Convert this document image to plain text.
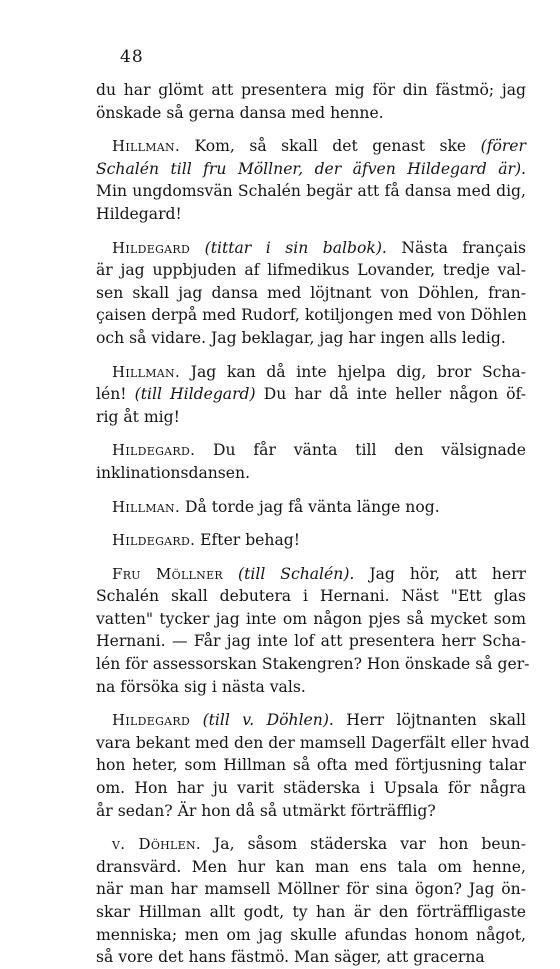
48
du har glömt att presentera mig för din fästmö; jag
önskade så gerna dansa med henne.
Hillman. Kom, så skall det genast ske (förer
Schalén till fru Möllner, der äfven Hildegard är).
Min ungdomsvän Schalén begär att få dansa med dig,
Hildegard!
Hildegard (tittar i sin balbok). Nästa français
är jag uppbjuden af lifmedikus Lovander, tredje val-
sen skall jag dansa med löjtnant von Döhlen, fran-
çaisen derpå med Rudorf, kotiljongen med von Döhlen
och så vidare. Jag beklagar, jag har ingen alls ledig.
Hillman. Jag kan då inte hjelpa dig, bror Scha-
lén! (till Hildegard) Du har då inte heller någon öf-
rig åt mig!
Hildegard. Du får vänta till den välsignade
inklinationsdansen.
Hillman. Då torde jag få vänta länge nog.
Hildegard. Efter behag!
Fru Möllner (till Schalén). Jag hör, att herr
Schalén skall debutera i Hernani. Näst "Ett glas
vatten" tycker jag inte om någon pjes så mycket som
Hernani. — Får jag inte lof att presentera herr Scha-
lén för assessorskan Stakengren? Hon önskade så ger-
na försöka sig i nästa vals.
Hildegard (till v. Döhlen). Herr löjtnanten skall
vara bekant med den der mamsell Dagerfält eller hvad
hon heter, som Hillman så ofta med förtjusning talar
om. Hon har ju varit städerska i Upsala för några
år sedan? Är hon då så utmärkt förträfflig?
v. Döhlen. Ja, såsom städerska var hon beun-
dransvärd. Men hur kan man ens tala om henne,
när man har mamsell Möllner för sina ögon? Jag ön-
skar Hillman allt godt, ty han är den förträffligaste
menniska; men om jag skulle afundas honom något,
så vore det hans fästmö. Man säger, att gracerna
